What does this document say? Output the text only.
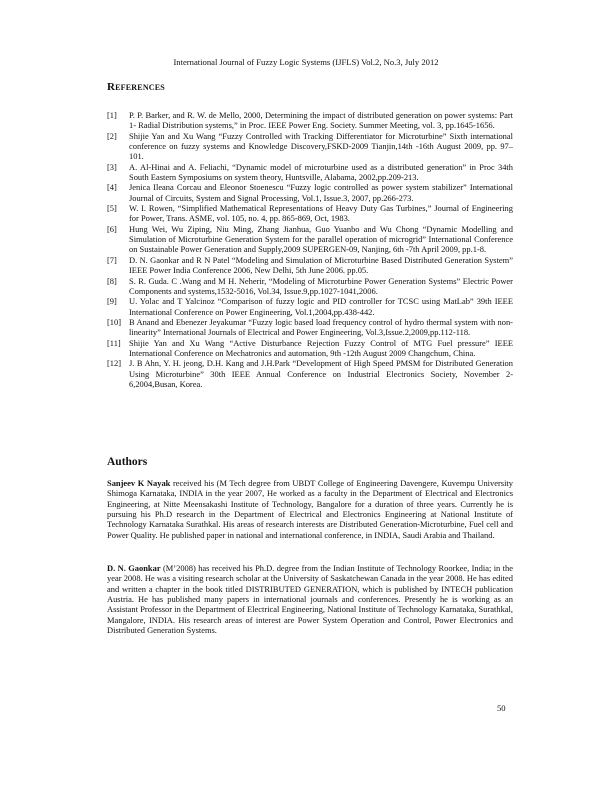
International Journal of Fuzzy Logic Systems (IJFLS) Vol.2, No.3, July 2012
References
[1]	P. P. Barker, and R. W. de Mello, 2000, Determining the impact of distributed generation on power systems: Part 1- Radial Distribution systems,” in Proc. IEEE Power Eng. Society. Summer Meeting, vol. 3, pp.1645-1656.
[2]	Shijie Yan and Xu Wang “Fuzzy Controlled with Tracking Differentiator for Microturbine” Sixth international conference on fuzzy systems and Knowledge Discovery,FSKD-2009 Tianjin,14th -16th August 2009, pp. 97–101.
[3]	A. Al-Hinai and A. Feliachi, “Dynamic model of microturbine used as a distributed generation” in Proc 34th South Eastern Symposiums on system theory, Huntsville, Alabama, 2002,pp.209-213.
[4]	Jenica Ileana Corcau and Eleonor Stoenescu “Fuzzy logic controlled as power system stabilizer” International Journal of Circuits, System and Signal Processing, Vol.1, Issue.3, 2007, pp.266-273.
[5]	W. I. Rowen, “Simplified Mathematical Representations of Heavy Duty Gas Turbines,” Journal of Engineering for Power, Trans. ASME, vol. 105, no. 4, pp. 865-869, Oct, 1983.
[6]	Hung Wei, Wu Ziping, Niu Ming, Zhang Jianhua, Guo Yuanbo and Wu Chong “Dynamic Modelling and Simulation of Microturbine Generation System for the parallel operation of microgrid” International Conference on Sustainable Power Generation and Supply,2009 SUPERGEN-09, Nanjing, 6th -7th April 2009, pp.1-8.
[7]	D. N. Gaonkar and R N Patel “Modeling and Simulation of Microturbine Based Distributed Generation System” IEEE Power India Conference 2006, New Delhi, 5th June 2006. pp.05.
[8]	S. R. Guda. C .Wang and M H. Neherir, “Modeling of Microturbine Power Generation Systems” Electric Power Components and systems,1532-5016, Vol.34, Issue.9,pp.1027-1041,2006.
[9]	U. Yolac and T Yalcinoz “Comparison of fuzzy logic and PID controller for TCSC using MatLab” 39th IEEE International Conference on Power Engineering, Vol.1,2004,pp.438-442.
[10] B Anand and Ebenezer Jeyakumar “Fuzzy logic based load frequency control of hydro thermal system with non-linearity” International Journals of Electrical and Power Engineering, Vol.3,Issue.2,2009,pp.112-118.
[11] Shijie Yan and Xu Wang “Active Disturbance Rejection Fuzzy Control of MTG Fuel pressure” IEEE International Conference on Mechatronics and automation, 9th -12th August 2009 Changchum, China.
[12] J. B Ahn, Y. H. jeong, D.H. Kang and J.H.Park “Development of High Speed PMSM for Distributed Generation Using Microturbine” 30th IEEE Annual Conference on Industrial Electronics Society, November 2-6,2004,Busan, Korea.
Authors

Sanjeev K Nayak received his (M Tech degree from UBDT College of Engineering Davengere, Kuvempu University Shimoga Karnataka, INDIA in the year 2007, He worked as a faculty in the Department of Electrical and Electronics Engineering, at Nitte Meensakashi Institute of Technology, Bangalore for a duration of three years. Currently he is pursuing his Ph.D research in the Department of Electrical and Electronics Engineering at National Institute of Technology Karnataka Surathkal. His areas of research interests are Distributed Generation-Microturbine, Fuel cell and Power Quality. He published paper in national and international conference, in INDIA, Saudi Arabia and Thailand.

D. N. Gaonkar (M’2008) has received his Ph.D. degree from the Indian Institute of Technology Roorkee, India; in the year 2008. He was a visiting research scholar at the University of Saskatchewan Canada in the year 2008. He has edited and written a chapter in the book titled DISTRIBUTED GENERATION, which is published by INTECH publication Austria. He has published many papers in international journals and conferences. Presently he is working as an Assistant Professor in the Department of Electrical Engineering, National Institute of Technology Karnataka, Surathkal, Mangalore, INDIA. His research areas of interest are Power System Operation and Control, Power Electronics and Distributed Generation Systems.

50
